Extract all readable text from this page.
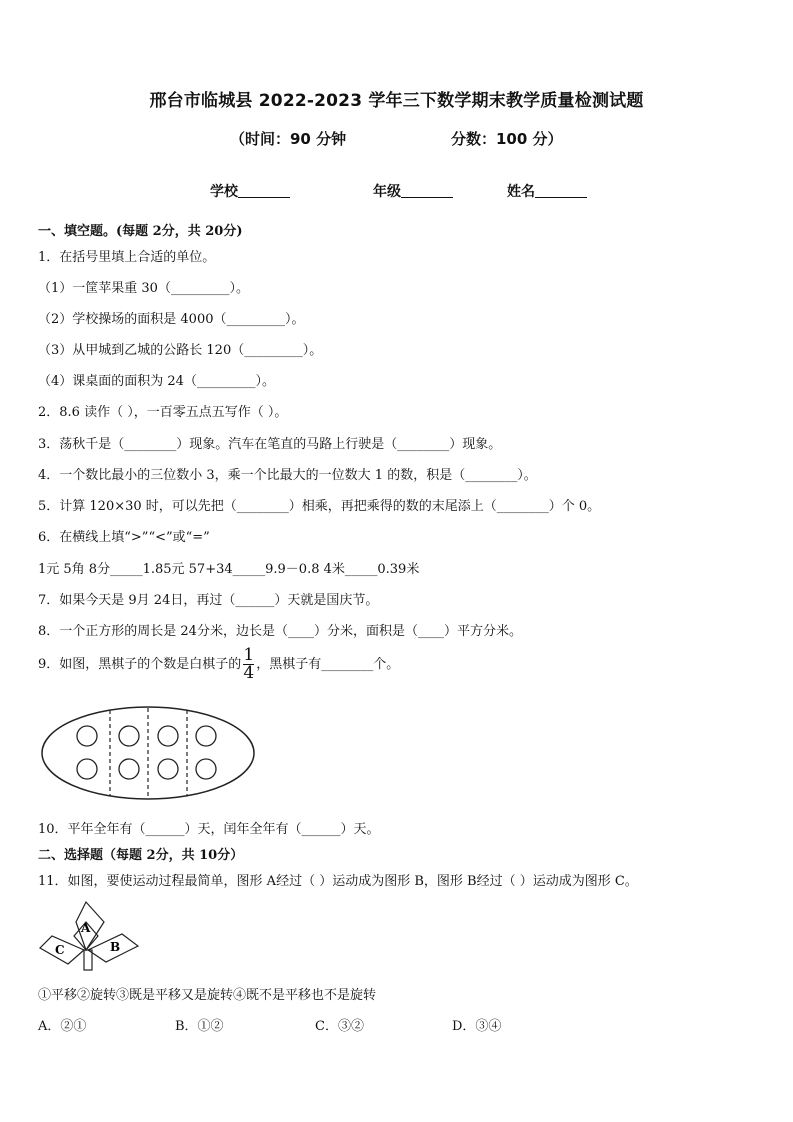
邢台市临城县 2022-2023 学年三下数学期末教学质量检测试题
（时间：90 分钟	分数：100 分）
学校	年级	姓名
一、填空题。(每题 2分，共 20分)
1．在括号里填上合适的单位。
（1）一筐苹果重 30（_________）。
（2）学校操场的面积是 4000（_________）。
（3）从甲城到乙城的公路长 120（_________）。
（4）课桌面的面积为 24（_________）。
2．8.6 读作（ ），一百零五点五写作（ ）。
3．荡秋千是（________）现象。汽车在笔直的马路上行驶是（________）现象。
4．一个数比最小的三位数小 3，乘一个比最大的一位数大 1 的数，积是（________）。
5．计算 120×30 时，可以先把（________）相乘，再把乘得的数的末尾添上（________）个 0。
6．在横线上填“>”“<”或“=”
1元 5角 8分_____1.85元 57+34_____9.9－0.8 4米_____0.39米
7．如果今天是 9月 24日，再过（______）天就是国庆节。
8．一个正方形的周长是 24分米，边长是（____）分米，面积是（____）平方分米。
9．如图，黑棋子的个数是白棋子的 $\frac{1}{4}$ ，黑棋子有________个。
10．平年全年有（______）天，闰年全年有（______）天。
二、选择题（每题 2分，共 10分）
11．如图，要使运动过程最简单，图形 A经过（ ）运动成为图形 B，图形 B经过（ ）运动成为图形 C。
A
B
C
①平移②旋转③既是平移又是旋转④既不是平移也不是旋转
A．②①	B．①②	C．③②	D．③④
